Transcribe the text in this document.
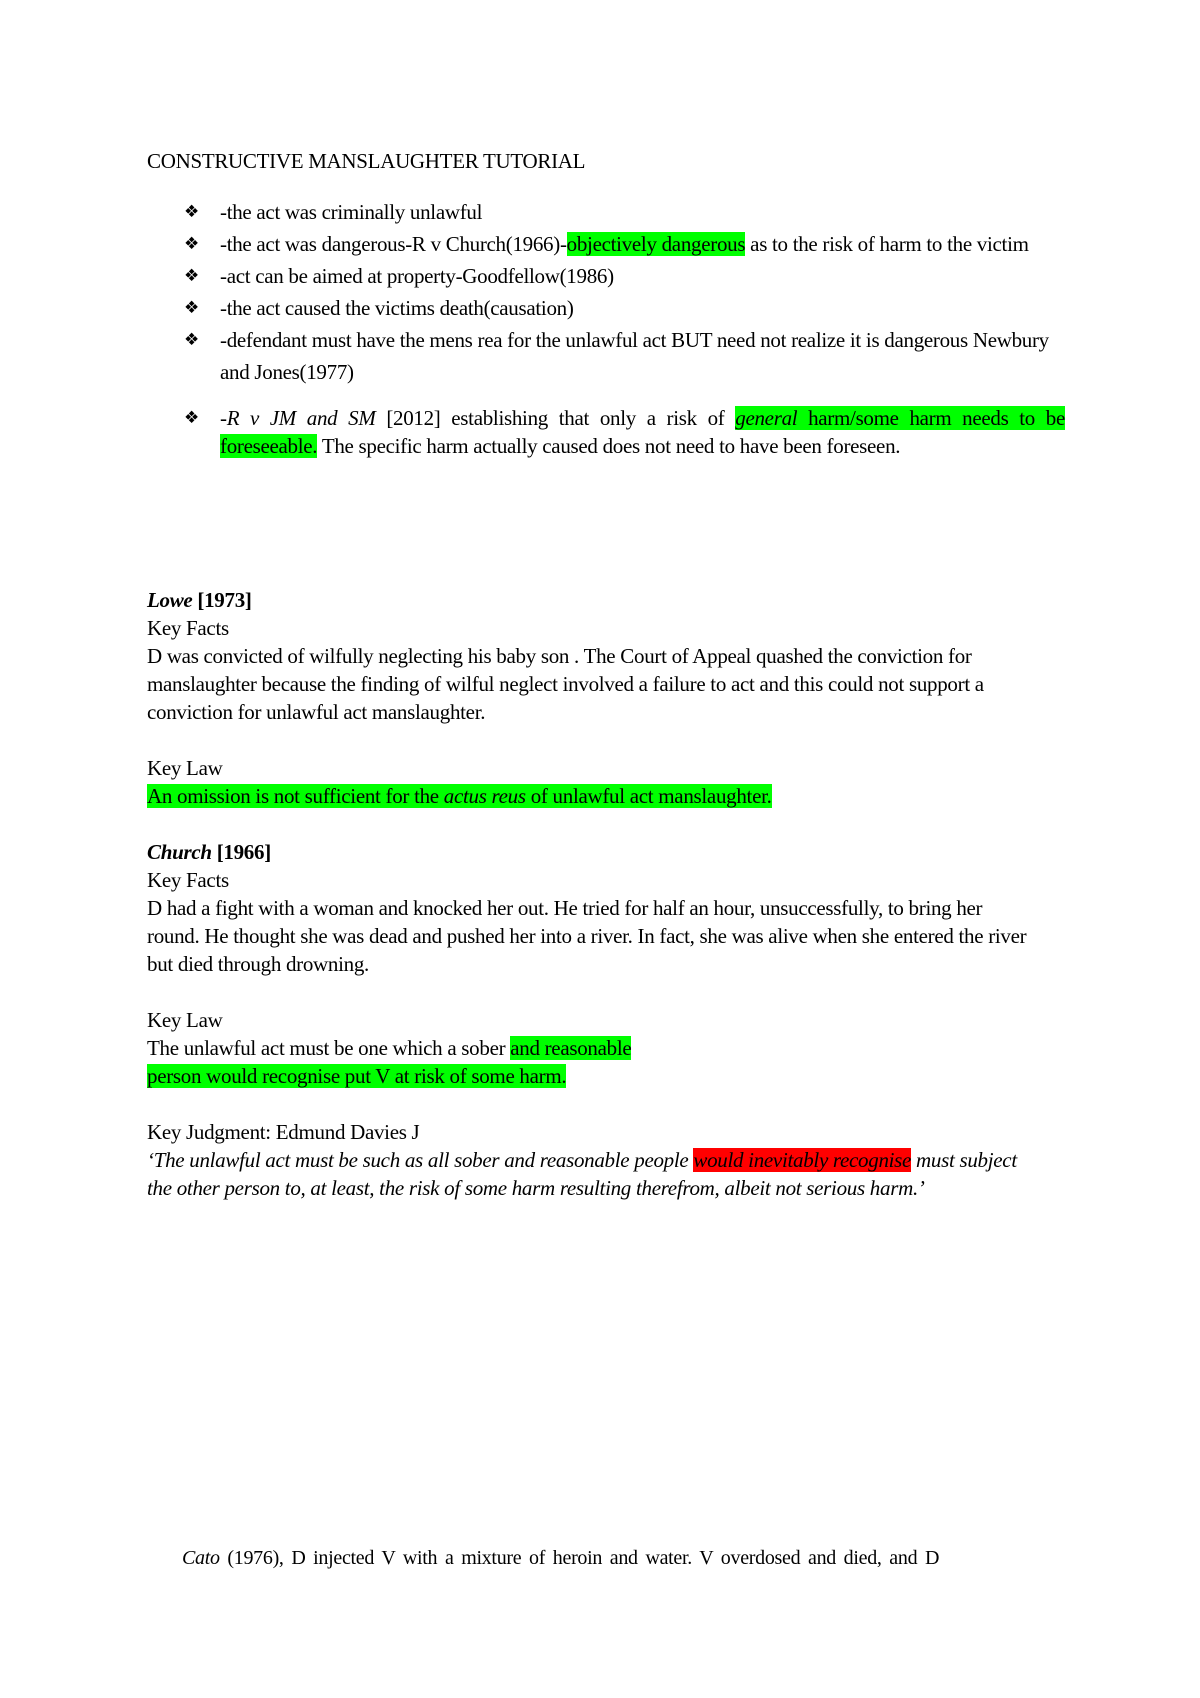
CONSTRUCTIVE MANSLAUGHTER TUTORIAL
❖ -the act was criminally unlawful
❖ -the act was dangerous-R v Church(1966)-objectively dangerous as to the risk of harm to the victim
❖ -act can be aimed at property-Goodfellow(1986)
❖ -the act caused the victims death(causation)
❖ -defendant must have the mens rea for the unlawful act BUT need not realize it is dangerous Newbury and Jones(1977)
❖ -R v JM and SM [2012] establishing that only a risk of general harm/some harm needs to be foreseeable. The specific harm actually caused does not need to have been foreseen.
Lowe [1973]

Key Facts

D was convicted of wilfully neglecting his baby son . The Court of Appeal quashed the conviction for manslaughter because the finding of wilful neglect involved a failure to act and this could not support a conviction for unlawful act manslaughter.

Key Law

An omission is not sufficient for the actus reus of unlawful act manslaughter.

Church [1966]

Key Facts

D had a fight with a woman and knocked her out. He tried for half an hour, unsuccessfully, to bring her round. He thought she was dead and pushed her into a river. In fact, she was alive when she entered the river but died through drowning.

Key Law

The unlawful act must be one which a sober and reasonable
person would recognise put V at risk of some harm.

Key Judgment: Edmund Davies J

‘The unlawful act must be such as all sober and reasonable people would inevitably recognise must subject the other person to, at least, the risk of some harm resulting therefrom, albeit not serious harm.’

Cato (1976), D injected V with a mixture of heroin and water. V overdosed and died, and D
